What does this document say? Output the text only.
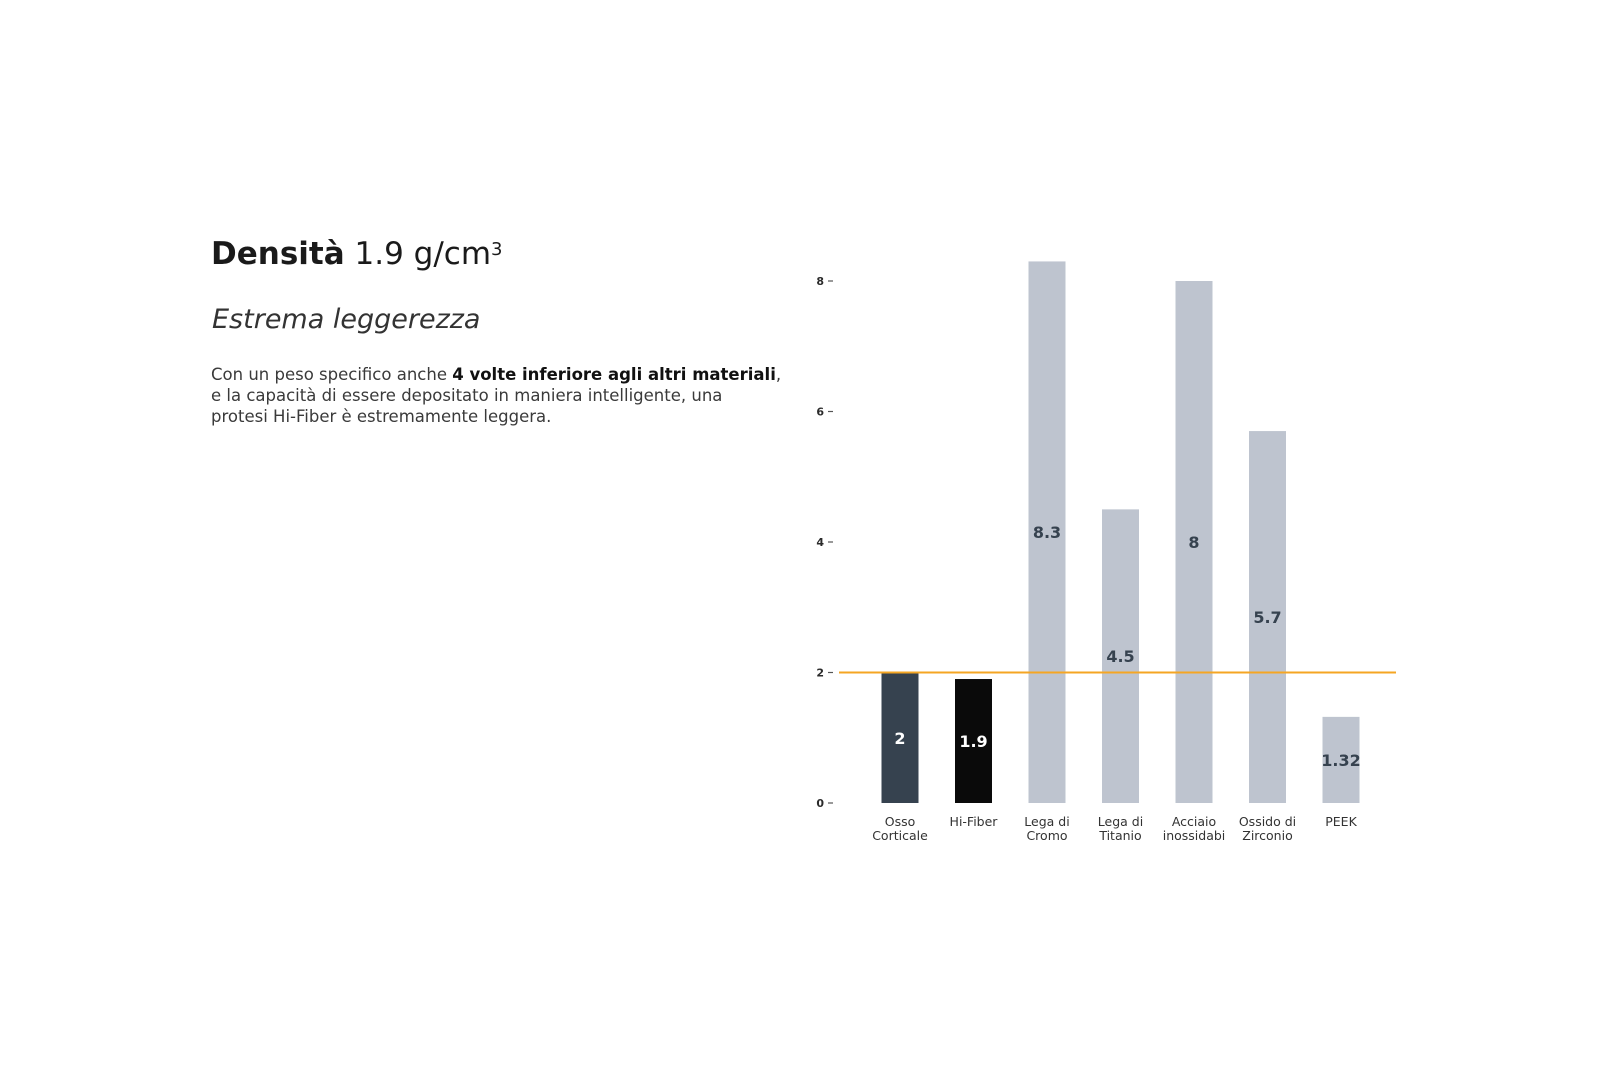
Densità 1.9 $g/cm^3$
Estrema leggerezza

Con un peso specifico anche 4 volte inferiore agli altri materiali,
e la capacità di essere depositato in maniera intelligente, una
protesi Hi-Fiber è estremamente leggera.

0
2
4
6
8
2	1.9
8.3
4.5
8
5.7
1.32
Osso
Corticale
Hi-Fiber Lega di
Cromo
Lega di
Titanio
Acciaio
inossidabi
Ossido di
Zirconio
PEEK
